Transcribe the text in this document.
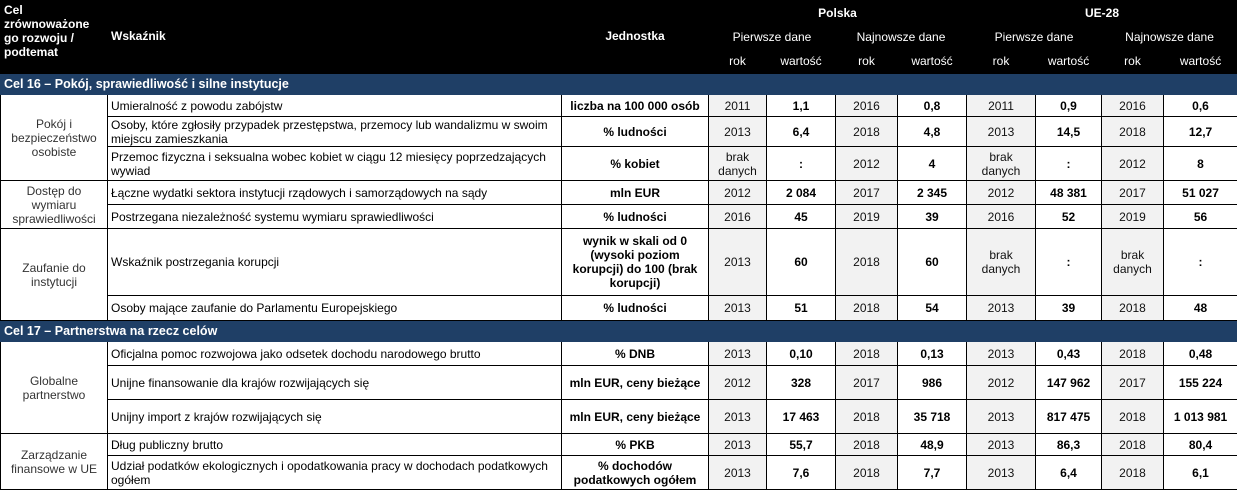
Cel zrównoważone go rozwoju / podtemat	Wskaźnik	Jednostka	Polska				UE-28			
			Pierwsze dane		Najnowsze dane		Pierwsze dane		Najnowsze dane	
			rok	wartość	rok	wartość	rok	wartość	rok	wartość
Cel 16 – Pokój, sprawiedliwość i silne instytucje										
Pokój i bezpieczeństwo osobiste	Umieralność z powodu zabójstw	liczba na 100 000 osób	2011	1,1	2016	0,8	2011	0,9	2016	0,6
	Osoby, które zgłosiły przypadek przestępstwa, przemocy lub wandalizmu w swoim miejscu zamieszkania	% ludności	2013	6,4	2018	4,8	2013	14,5	2018	12,7
	Przemoc fizyczna i seksualna wobec kobiet w ciągu 12 miesięcy poprzedzających wywiad	% kobiet	brak danych	:	2012	4	brak danych	:	2012	8
Dostęp do wymiaru sprawiedliwości	Łączne wydatki sektora instytucji rządowych i samorządowych na sądy	mln EUR	2012	2 084	2017	2 345	2012	48 381	2017	51 027
	Postrzegana niezależność systemu wymiaru sprawiedliwości	% ludności	2016	45	2019	39	2016	52	2019	56
Zaufanie do instytucji	Wskaźnik postrzegania korupcji	wynik w skali od 0 (wysoki poziom korupcji) do 100 (brak korupcji)	2013	60	2018	60	brak danych	:	brak danych	:
	Osoby mające zaufanie do Parlamentu Europejskiego	% ludności	2013	51	2018	54	2013	39	2018	48
Cel 17 – Partnerstwa na rzecz celów										
Globalne partnerstwo	Oficjalna pomoc rozwojowa jako odsetek dochodu narodowego brutto	% DNB	2013	0,10	2018	0,13	2013	0,43	2018	0,48
	Unijne finansowanie dla krajów rozwijających się	mln EUR, ceny bieżące	2012	328	2017	986	2012	147 962	2017	155 224
	Unijny import z krajów rozwijających się	mln EUR, ceny bieżące	2013	17 463	2018	35 718	2013	817 475	2018	1 013 981
Zarządzanie finansowe w UE	Dług publiczny brutto	% PKB	2013	55,7	2018	48,9	2013	86,3	2018	80,4
	Udział podatków ekologicznych i opodatkowania pracy w dochodach podatkowych ogółem	% dochodów podatkowych ogółem	2013	7,6	2018	7,7	2013	6,4	2018	6,1
